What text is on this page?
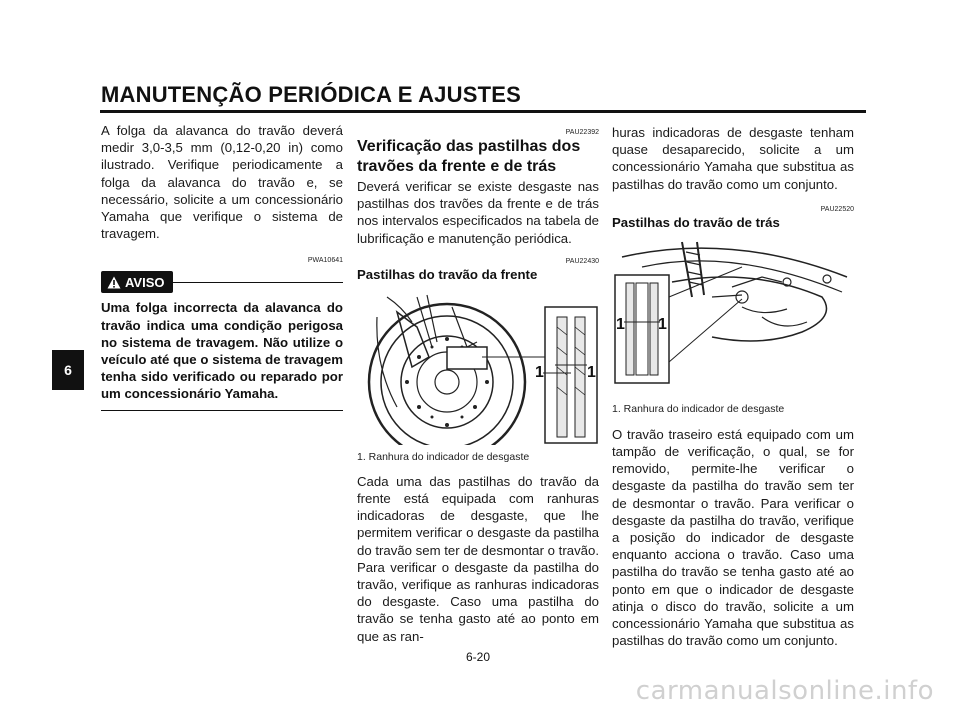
MANUTENÇÃO PERIÓDICA E AJUSTES
6

A folga da alavanca do travão deverá medir 3,0-3,5 mm (0,12-0,20 in) como ilustrado. Verifique periodicamente a folga da alavanca do travão e, se necessário, solicite a um concessionário Yamaha que verifique o sistema de travagem.

PWA10641

AVISO

Uma folga incorrecta da alavanca do travão indica uma condição perigosa no sistema de travagem. Não utilize o veículo até que o sistema de travagem tenha sido verificado ou reparado por um concessionário Yamaha.

PAU22392

Verificação das pastilhas dos travões da frente e de trás

Deverá verificar se existe desgaste nas pastilhas dos travões da frente e de trás nos intervalos especificados na tabela de lubrificação e manutenção periódica.

PAU22430

Pastilhas do travão da frente
1	1

1. Ranhura do indicador de desgaste

Cada uma das pastilhas do travão da frente está equipada com ranhuras indicadoras de desgaste, que lhe permitem verificar o desgaste da pastilha do travão sem ter de desmontar o travão. Para verificar o desgaste da pastilha do travão, verifique as ranhuras indicadoras do desgaste. Caso uma pastilha do travão se tenha gasto até ao ponto em que as ran-

huras indicadoras de desgaste tenham quase desaparecido, solicite a um concessionário Yamaha que substitua as pastilhas do travão como um conjunto.

PAU22520

Pastilhas do travão de trás
1 1

1. Ranhura do indicador de desgaste

O travão traseiro está equipado com um tampão de verificação, o qual, se for removido, permite-lhe verificar o desgaste da pastilha do travão sem ter de desmontar o travão. Para verificar o desgaste da pastilha do travão, verifique a posição do indicador de desgaste enquanto acciona o travão. Caso uma pastilha do travão se tenha gasto até ao ponto em que o indicador de desgaste atinja o disco do travão, solicite a um concessionário Yamaha que substitua as pastilhas do travão como um conjunto.

6-20
carmanualsonline.info
